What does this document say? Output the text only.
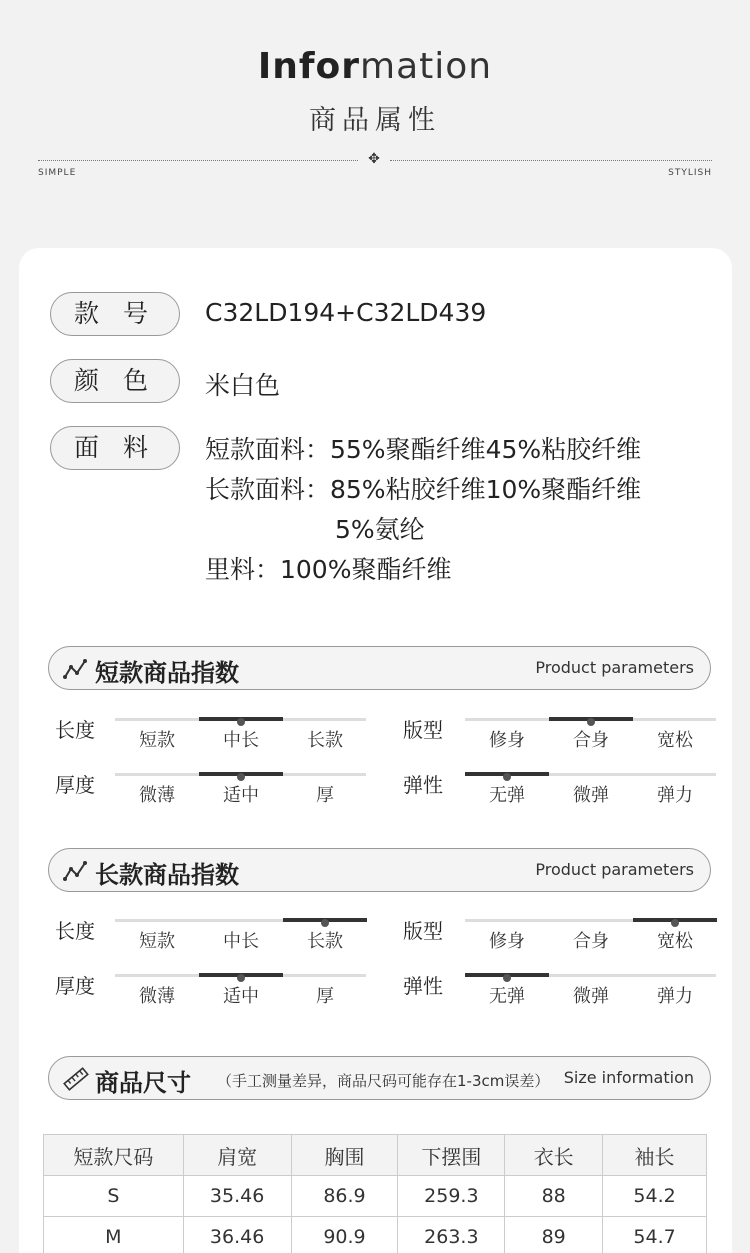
Information
商品属性
✥
SIMPLE	STYLISH
款 号	C32LD194+C32LD439
颜 色	米白色
面 料	短款面料：55%聚酯纤维45%粘胶纤维
长款面料：85%粘胶纤维10%聚酯纤维
5%氨纶
里料：100%聚酯纤维
短款商品指数	Product parameters
长度	短款	中长	长款	版型	修身	合身	宽松
厚度	微薄	适中	厚	弹性	无弹	微弹	弹力
长款商品指数	Product parameters
长度	短款	中长	长款	版型	修身	合身	宽松
厚度	微薄	适中	厚	弹性	无弹	微弹	弹力
商品尺寸 （手工测量差异，商品尺码可能存在1-3cm误差） Size information
短款尺码	肩宽	胸围	下摆围	衣长	袖长
S	35.46	86.9	259.3	88	54.2
M	36.46	90.9	263.3	89	54.7
